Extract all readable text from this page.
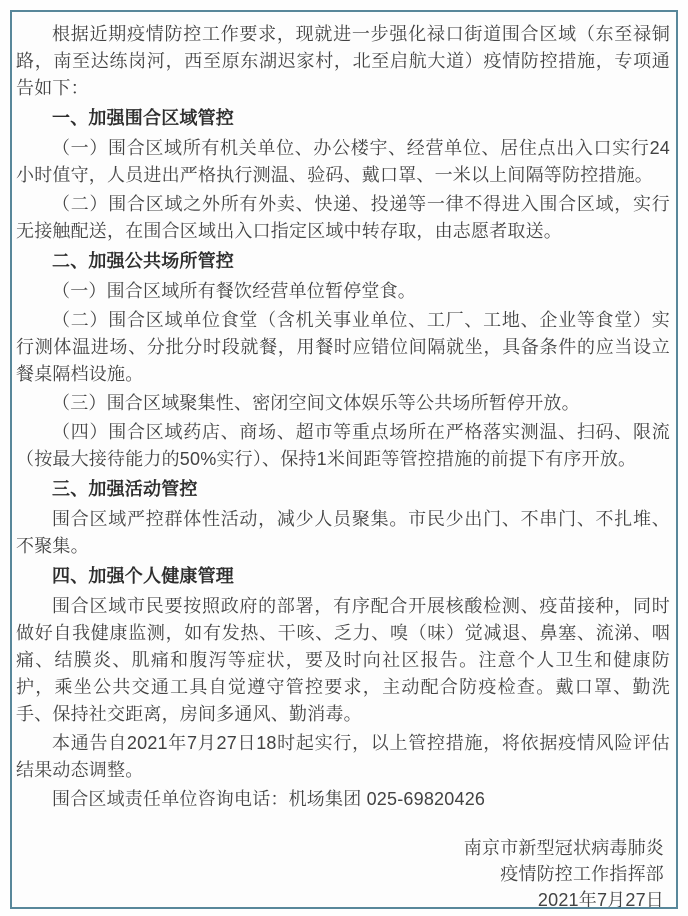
根据近期疫情防控工作要求，现就进一步强化禄口街道围合区域（东至禄铜路，南至达练岗河，西至原东湖迟家村，北至启航大道）疫情防控措施，专项通告如下：

一、加强围合区域管控

（一）围合区域所有机关单位、办公楼宇、经营单位、居住点出入口实行24小时值守，人员进出严格执行测温、验码、戴口罩、一米以上间隔等防控措施。

（二）围合区域之外所有外卖、快递、投递等一律不得进入围合区域，实行无接触配送，在围合区域出入口指定区域中转存取，由志愿者取送。

二、加强公共场所管控

（一）围合区域所有餐饮经营单位暂停堂食。

（二）围合区域单位食堂（含机关事业单位、工厂、工地、企业等食堂）实行测体温进场、分批分时段就餐，用餐时应错位间隔就坐，具备条件的应当设立餐桌隔档设施。

（三）围合区域聚集性、密闭空间文体娱乐等公共场所暂停开放。

（四）围合区域药店、商场、超市等重点场所在严格落实测温、扫码、限流（按最大接待能力的50%实行）、保持1米间距等管控措施的前提下有序开放。

三、加强活动管控

围合区域严控群体性活动，减少人员聚集。市民少出门、不串门、不扎堆、不聚集。

四、加强个人健康管理

围合区域市民要按照政府的部署，有序配合开展核酸检测、疫苗接种，同时做好自我健康监测，如有发热、干咳、乏力、嗅（味）觉减退、鼻塞、流涕、咽痛、结膜炎、肌痛和腹泻等症状，要及时向社区报告。注意个人卫生和健康防护，乘坐公共交通工具自觉遵守管控要求，主动配合防疫检查。戴口罩、勤洗手、保持社交距离，房间多通风、勤消毒。

本通告自2021年7月27日18时起实行，以上管控措施，将依据疫情风险评估结果动态调整。

围合区域责任单位咨询电话：机场集团 025-69820426

南京市新型冠状病毒肺炎
疫情防控工作指挥部
2021年7月27日
